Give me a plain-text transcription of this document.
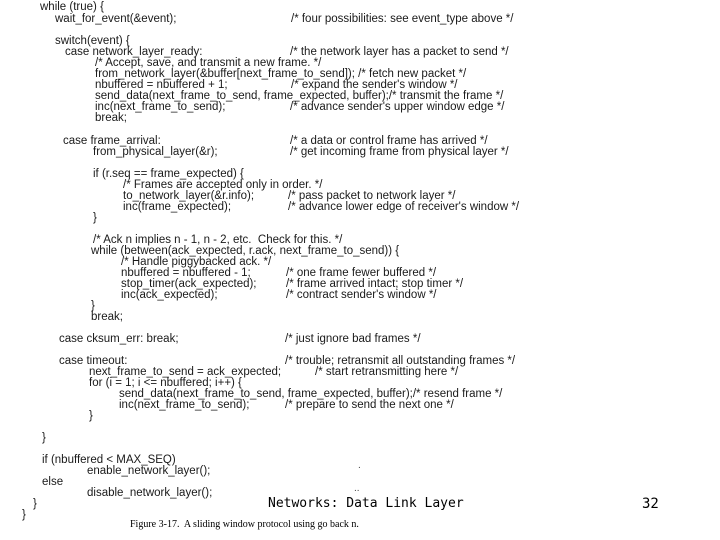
while (true) {
wait_for_event(&event);	/* four possibilities: see event_type above */
switch(event) {
case network_layer_ready:	/* the network layer has a packet to send */
/* Accept, save, and transmit a new frame. */
from_network_layer(&buffer[next_frame_to_send]); /* fetch new packet */
nbuffered = nbuffered + 1;	/* expand the sender's window */
send_data(next_frame_to_send, frame_expected, buffer);/* transmit the frame */
inc(next_frame_to_send);	/* advance sender's upper window edge */
break;
case frame_arrival:	/* a data or control frame has arrived */
from_physical_layer(&r);	/* get incoming frame from physical layer */
if (r.seq == frame_expected) {
/* Frames are accepted only in order. */
to_network_layer(&r.info);	/* pass packet to network layer */
inc(frame_expected);	/* advance lower edge of receiver's window */
}
/* Ack n implies n - 1, n - 2, etc.  Check for this. */
while (between(ack_expected, r.ack, next_frame_to_send)) {
/* Handle piggybacked ack. */
nbuffered = nbuffered - 1;	/* one frame fewer buffered */
stop_timer(ack_expected);	/* frame arrived intact; stop timer */
inc(ack_expected);	/* contract sender's window */
}
break;
case cksum_err: break;	/* just ignore bad frames */
case timeout:	/* trouble; retransmit all outstanding frames */
next_frame_to_send = ack_expected;	/* start retransmitting here */
for (i = 1; i <= nbuffered; i++) {
send_data(next_frame_to_send, frame_expected, buffer);/* resend frame */
inc(next_frame_to_send);	/* prepare to send the next one */
}
}
if (nbuffered < MAX_SEQ)
enable_network_layer();
else
disable_network_layer();
}
}
.
..
Networks: Data Link Layer	32
Figure 3-17.  A sliding window protocol using go back n.
